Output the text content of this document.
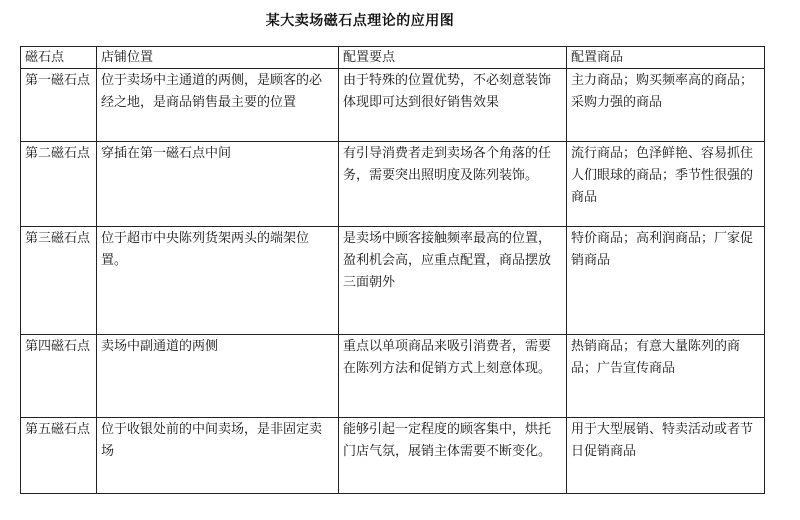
某大卖场磁石点理论的应用图
磁石点	店铺位置	配置要点	配置商品
第一磁石点	位于卖场中主通道的两侧，是顾客的必经之地，是商品销售最主要的位置	由于特殊的位置优势，不必刻意装饰体现即可达到很好销售效果	主力商品；购买频率高的商品；采购力强的商品
第二磁石点	穿插在第一磁石点中间	有引导消费者走到卖场各个角落的任务，需要突出照明度及陈列装饰。	流行商品；色泽鲜艳、容易抓住人们眼球的商品；季节性很强的商品
第三磁石点	位于超市中央陈列货架两头的端架位置。	是卖场中顾客接触频率最高的位置，盈利机会高，应重点配置，商品摆放三面朝外	特价商品；高利润商品；厂家促销商品
第四磁石点	卖场中副通道的两侧	重点以单项商品来吸引消费者，需要在陈列方法和促销方式上刻意体现。	热销商品；有意大量陈列的商品；广告宣传商品
第五磁石点	位于收银处前的中间卖场，是非固定卖场	能够引起一定程度的顾客集中，烘托门店气氛，展销主体需要不断变化。	用于大型展销、特卖活动或者节日促销商品
